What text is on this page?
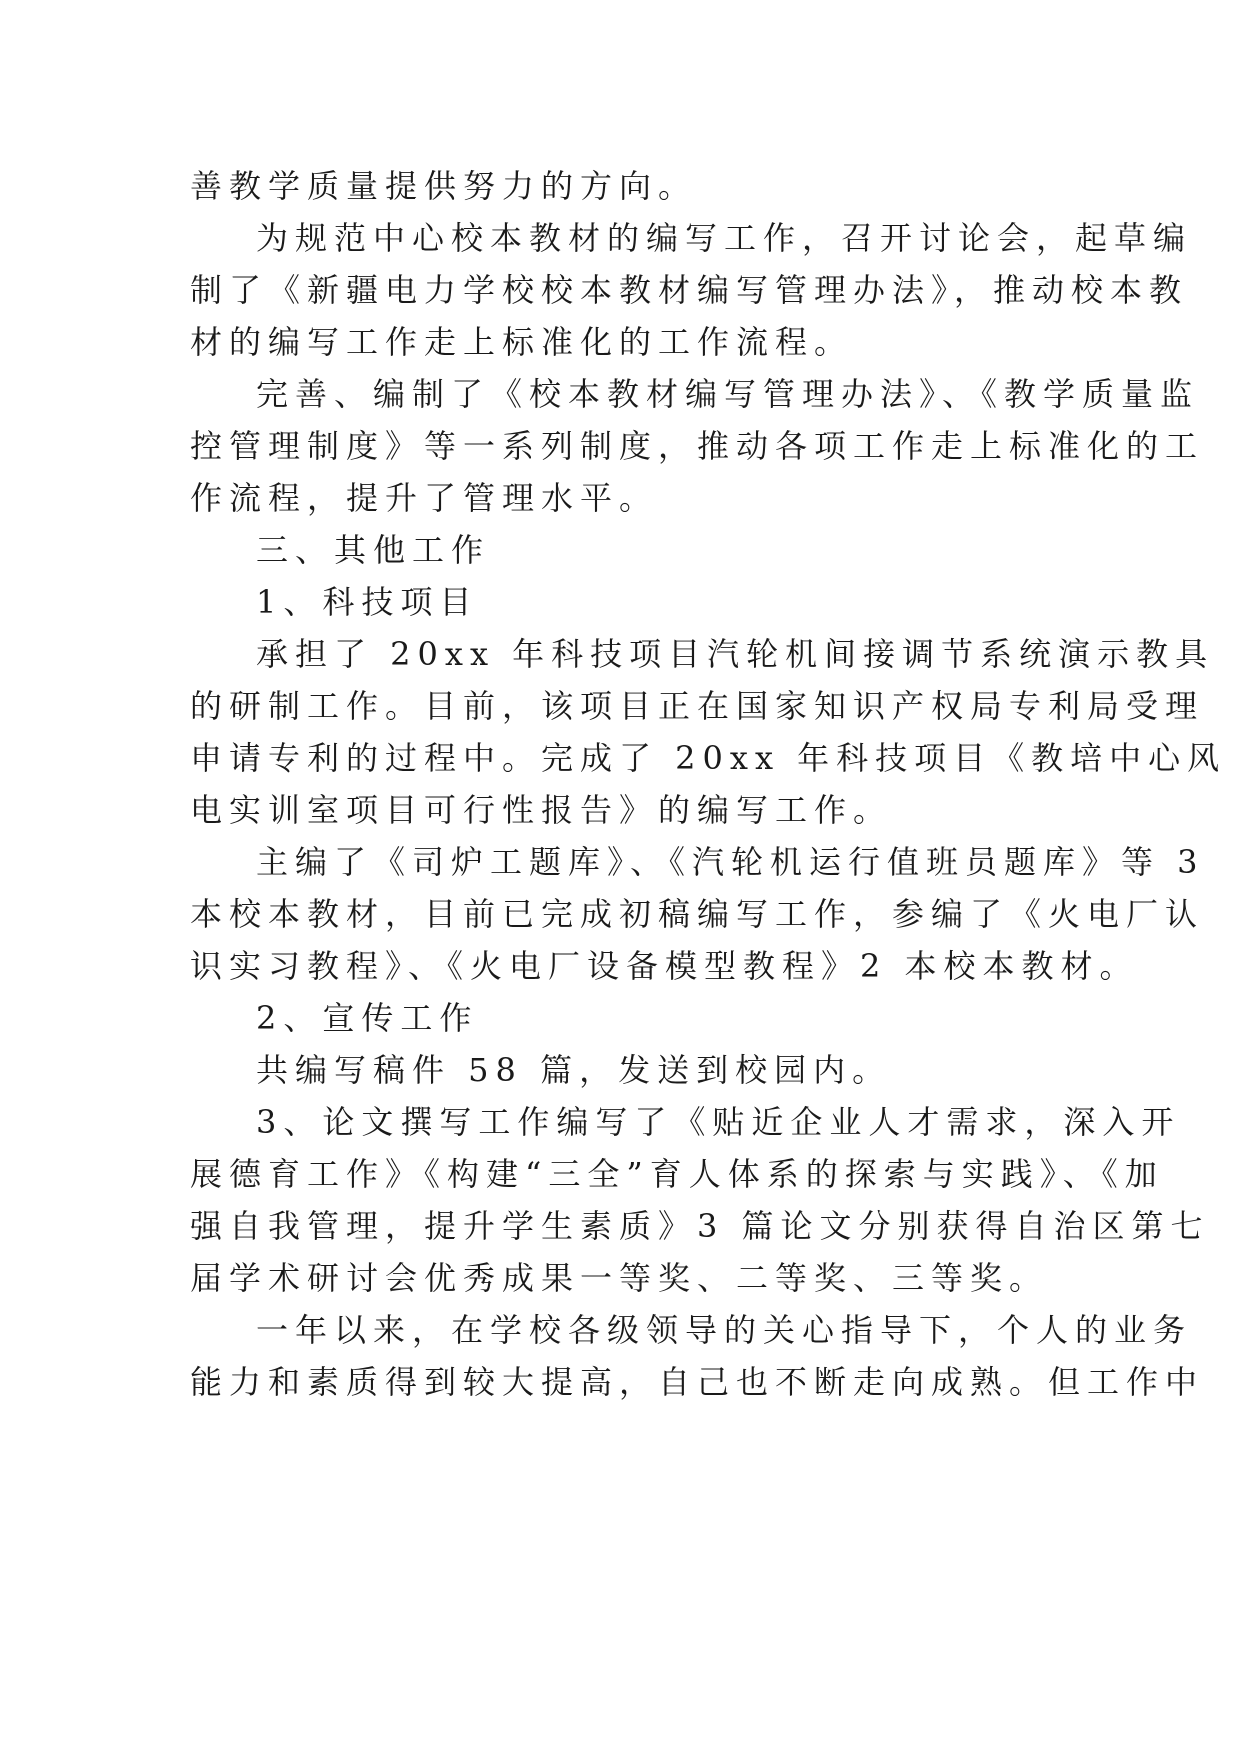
善教学质量提供努力的方向。
为规范中心校本教材的编写工作，召开讨论会，起草编
制了《新疆电力学校校本教材编写管理办法》，推动校本教
材的编写工作走上标准化的工作流程。
完善、编制了《校本教材编写管理办法》、《教学质量监
控管理制度》等一系列制度，推动各项工作走上标准化的工
作流程，提升了管理水平。
三、其他工作
1、科技项目
承担了 20xx 年科技项目汽轮机间接调节系统演示教具
的研制工作。目前，该项目正在国家知识产权局专利局受理
申请专利的过程中。完成了 20xx 年科技项目《教培中心风
电实训室项目可行性报告》的编写工作。
主编了《司炉工题库》、《汽轮机运行值班员题库》等 3
本校本教材，目前已完成初稿编写工作，参编了《火电厂认
识实习教程》、《火电厂设备模型教程》2 本校本教材。
2、宣传工作
共编写稿件 58 篇，发送到校园内。
3、论文撰写工作编写了《贴近企业人才需求，深入开
展德育工作》《构建“三全”育人体系的探索与实践》、《加
强自我管理，提升学生素质》3 篇论文分别获得自治区第七
届学术研讨会优秀成果一等奖、二等奖、三等奖。
一年以来，在学校各级领导的关心指导下，个人的业务
能力和素质得到较大提高，自己也不断走向成熟。但工作中
